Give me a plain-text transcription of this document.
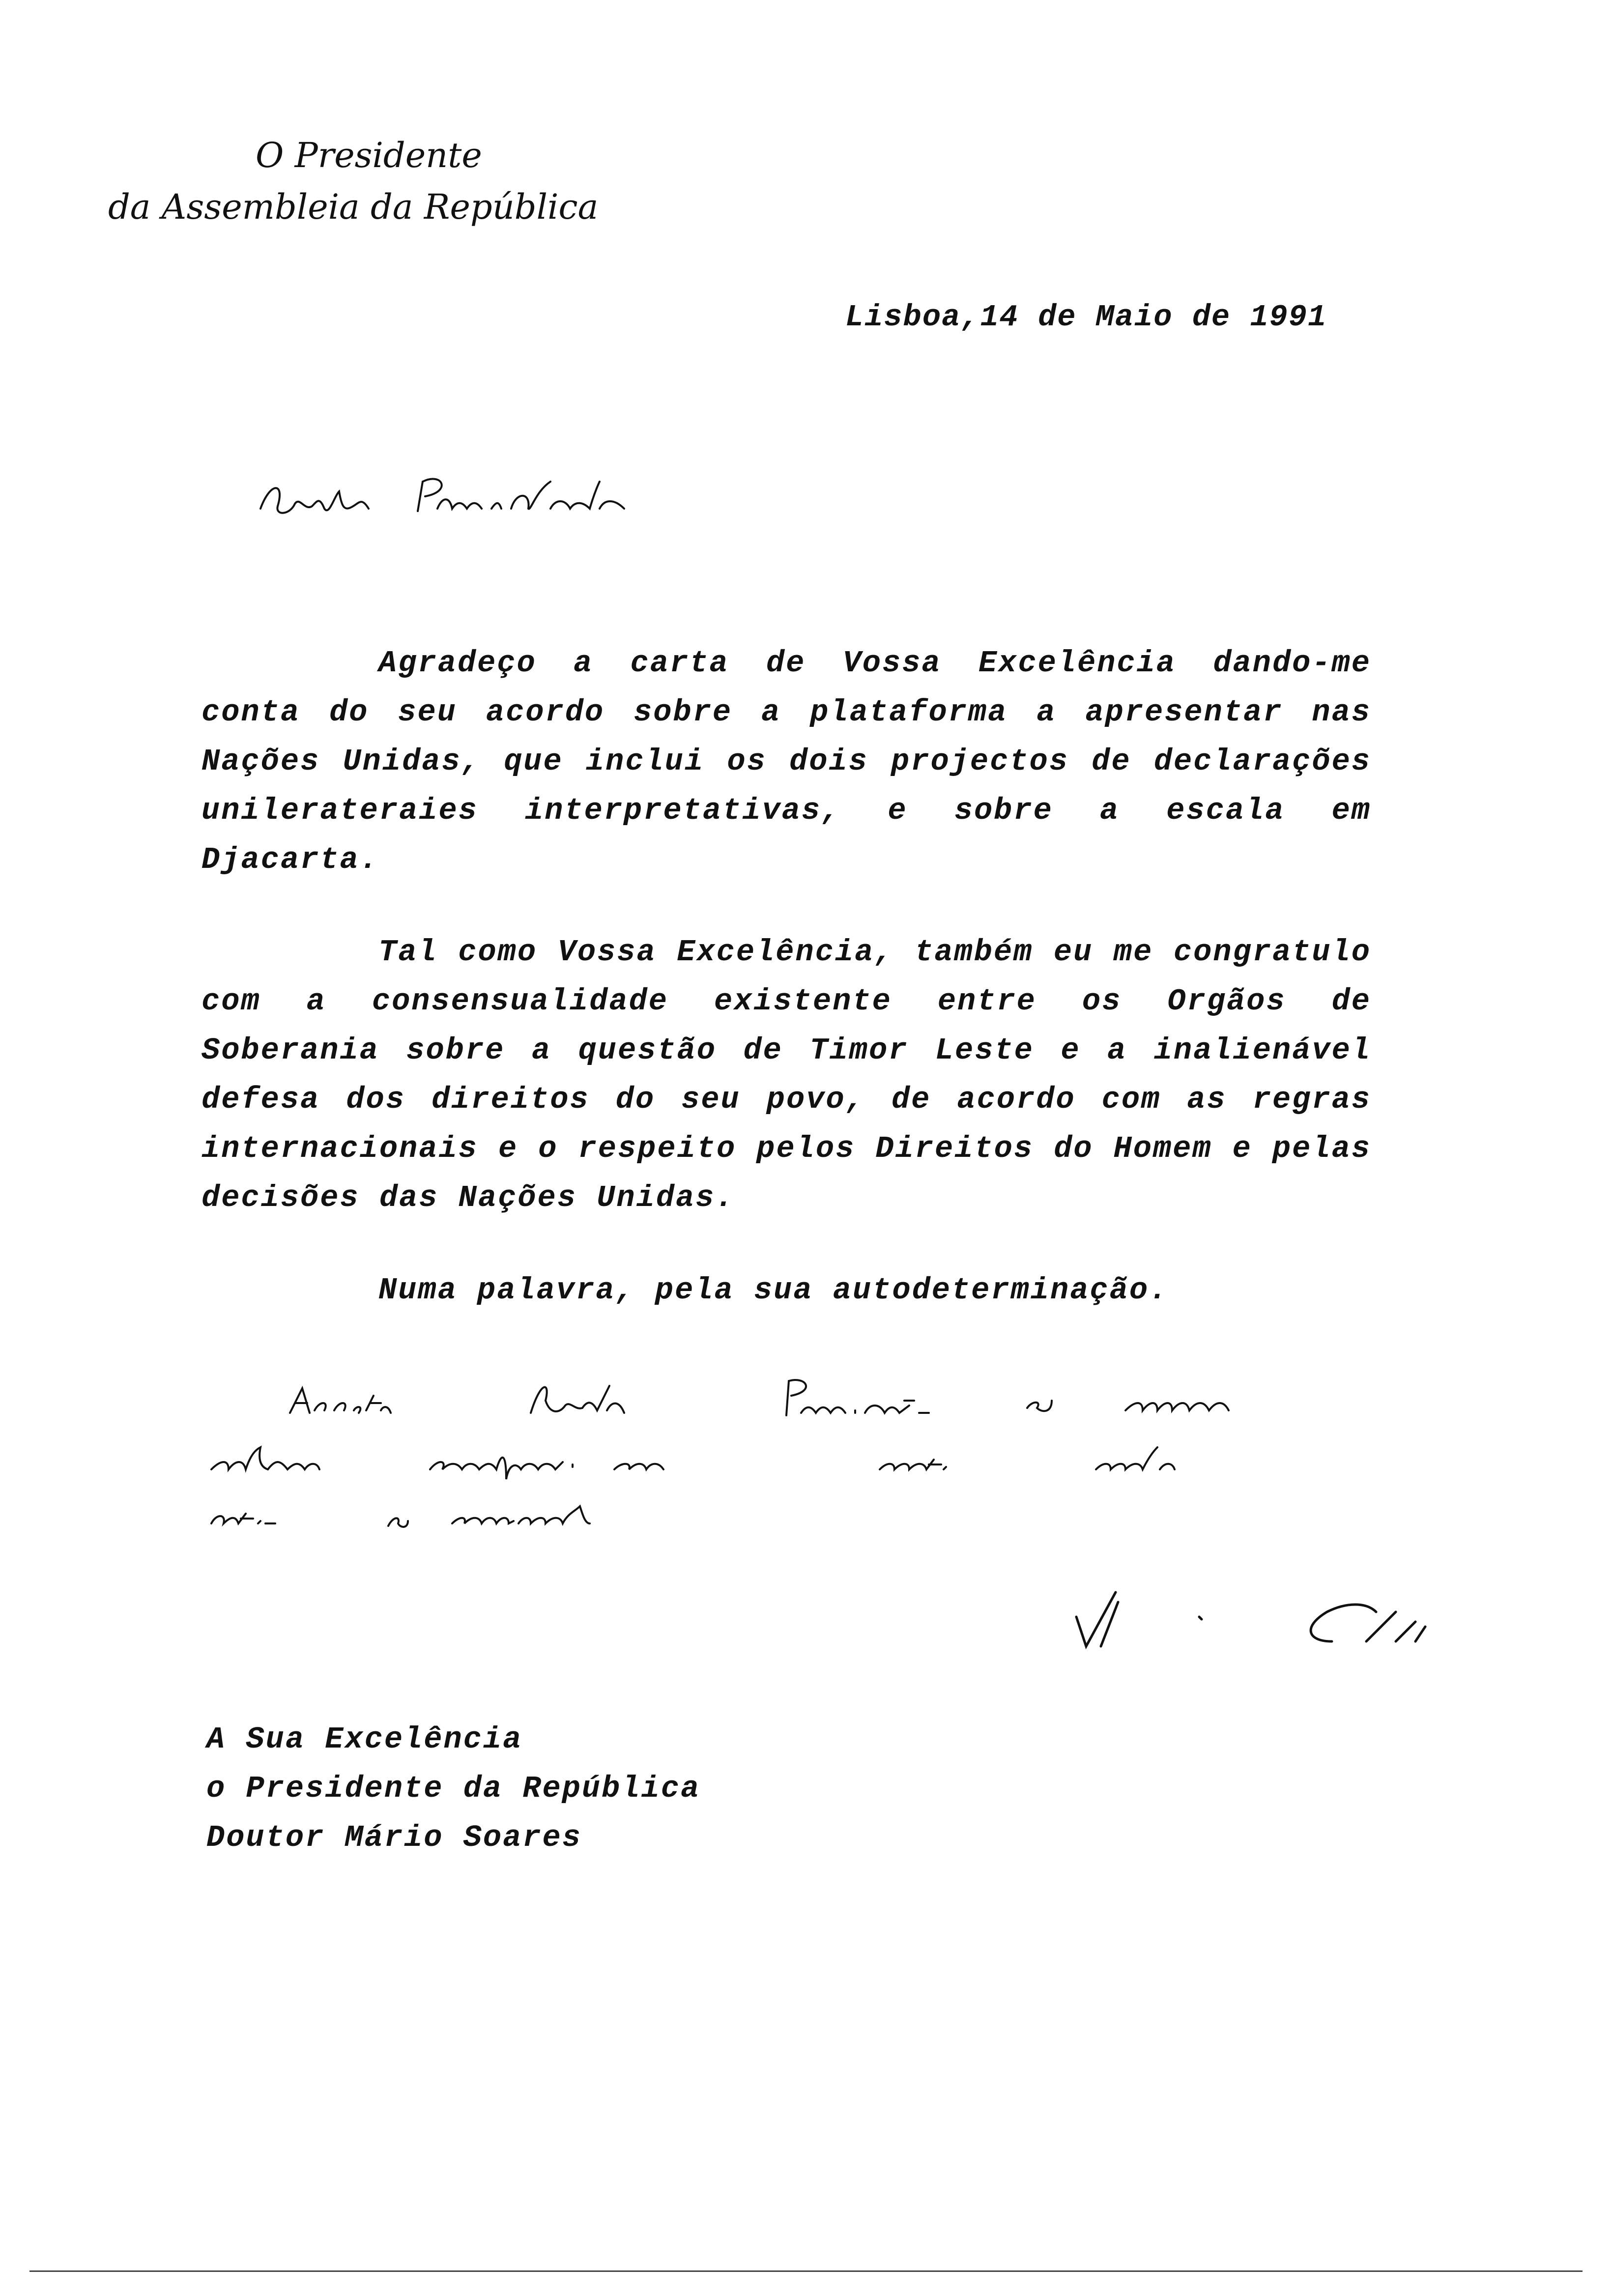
O Presidente
da Assembleia da República
Lisboa,14 de Maio de 1991
Senhor Presidente

Agradeço a carta de Vossa Excelência dando-me conta do seu acordo sobre a plataforma a apresentar nas Nações Unidas, que inclui os dois projectos de declarações unilerateraies interpretativas, e sobre a escala em Djacarta.

Tal como Vossa Excelência, também eu me congratulo com a consensualidade existente entre os Orgãos de Soberania sobre a questão de Timor Leste e a inalienável defesa dos direitos do seu povo, de acordo com as regras internacionais e o respeito pelos Direitos do Homem e pelas decisões das Nações Unidas.

Numa palavra, pela sua autodeterminação.

Aceite Senhor Presidente os meus melhores cumprimentos em muito amiga estima e consideração
Vítor Crespo
A Sua Excelência
o Presidente da República
Doutor Mário Soares
